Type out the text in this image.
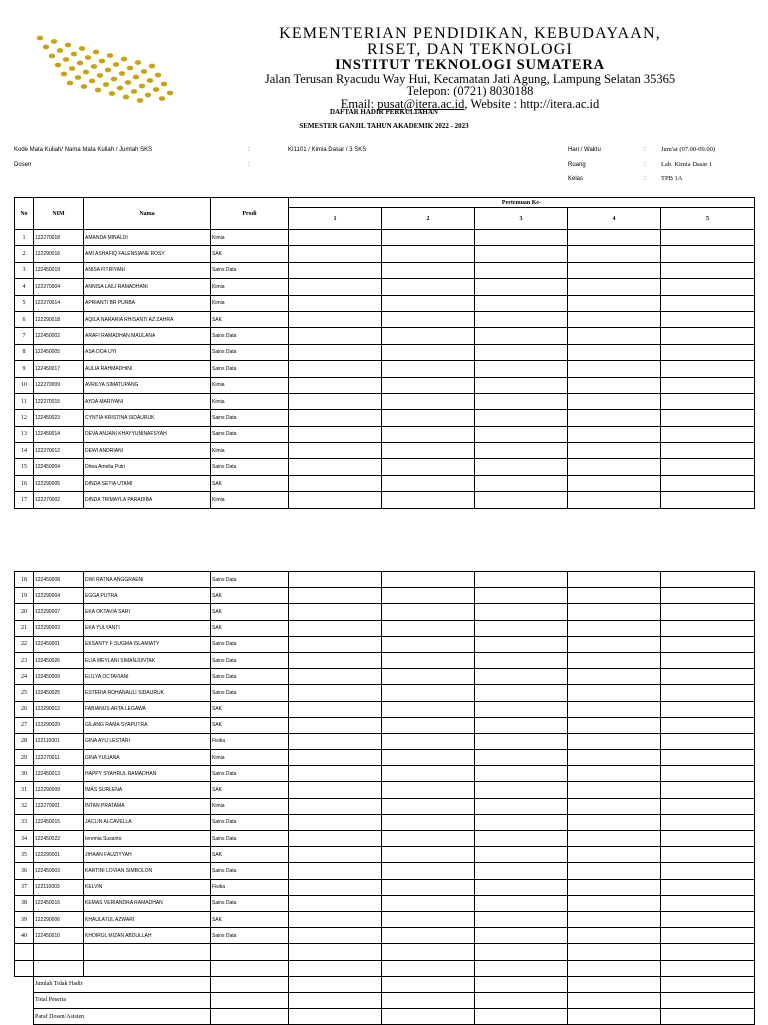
KEMENTERIAN PENDIDIKAN, KEBUDAYAAN,
RISET, DAN TEKNOLOGI
INSTITUT TEKNOLOGI SUMATERA
Jalan Terusan Ryacudu Way Hui, Kecamatan Jati Agung, Lampung Selatan 35365
Telepon: (0721) 8030188
Email: pusat@itera.ac.id, Website : http://itera.ac.id
DAFTAR HADIR PERKULIAHAN
SEMESTER GANJIL TAHUN AKADEMIK 2022 - 2023
Kode Mata Kuliah/ Nama Mata Kuliah / Jumlah SKS	:	KI1101 / Kimia Dasar / 3 SKS
Dosen	:
Hari / Waktu	: Jum'at (07.00-09.00)
Ruang	: Lab. Kimia Dasar 1
Kelas	: TPB 1A
No	NIM	Nama	Prodi	Pertemuan Ke-				
				1	2	3	4	5
1	122270018	AMANDA MINALDI	Kimia					
2	122290016	AMI ASHAFIQ FALENSIANE ROSY	SAK					
3	122450019	ANISA FITRIYANI	Sains Data					
4	122270004	ANNISA LAILI RAMADHANI	Kimia					
5	122270014	APRIANTI BR PURBA	Kimia					
6	122290018	AQILA NARARIA RHISANTI AZ ZAHRA	SAK					
7	122450002	ARAFI RAMADHAN MAULANA	Sains Data					
8	122450005	ASA DOA UYI	Sains Data					
9	122450017	AULIA RAHMADHINI	Sains Data					
10	122270009	AVRILYA SIMATUPANG	Kimia					
11	122270015	AYDA MARIYANI	Kimia					
12	122450023	CYNTIA KRISTINA SIDAURUK	Sains Data					
13	122450014	DEVA ANJANI KHAYYUNINAFSYAH	Sains Data					
14	122270012	DEWI ANDRIANI	Kimia					
15	122450004	Dhea Amelia Putri	Sains Data					
16	122290005	DINDA SETIA UTAMI	SAK					
17	122270002	DINDA TRIMAYLA PARADIBA	Kimia					
18	122450008	DWI RATNA ANGGRAENI	Sains Data					
19	122290004	EGGA PUTRA	SAK					
20	122290007	EKA OKTAVIA SARI	SAK					
21	122290003	EKA YULYANTI	SAK					
22	122450001	EKSANTY F SUGMA ISLAMIATY	Sains Data					
23	122450026	ELIA MEYLANI SIMANJUNTAK	Sains Data					
24	122450009	ELILYA OCTAVIANI	Sains Data					
25	122450025	ESTERIA ROHANAULI SIDAURUK	Sains Data					
26	122290012	FABIANUS ARTA LEGAWA	SAK					
27	122290020	GILANG RAMA SYAPUTRA	SAK					
28	122110001	GINA AYU LESTARI	Fisika					
29	122270011	GINA YULIANA	Kimia					
30	122450013	HAPPY SYAHRUL RAMADHAN	Sains Data					
31	122290009	IMAS SURLENA	SAK					
32	122270001	INTAN PRATAMA	Kimia					
33	122450015	JACLIN ALCAVELLA	Sains Data					
34	122450022	Ieremia Susanto	Sains Data					
35	122290001	JIHAAN FAUZIYYAH	SAK					
36	122450003	KARTINI LOVIAN SIMBOLON	Sains Data					
37	122110003	KELVIN	Fisika					
38	122450016	KEMAS VERIANDRA RAMADHAN	Sains Data					
39	122290006	KHAULATUL AZWARI	SAK					
40	122450010	KHOIRUL MIZAN ABDULLAH	Sains Data					

	Jumlah Tidak Hadir							
	Total Peserta							
	Paraf Dosen/Asisten							
